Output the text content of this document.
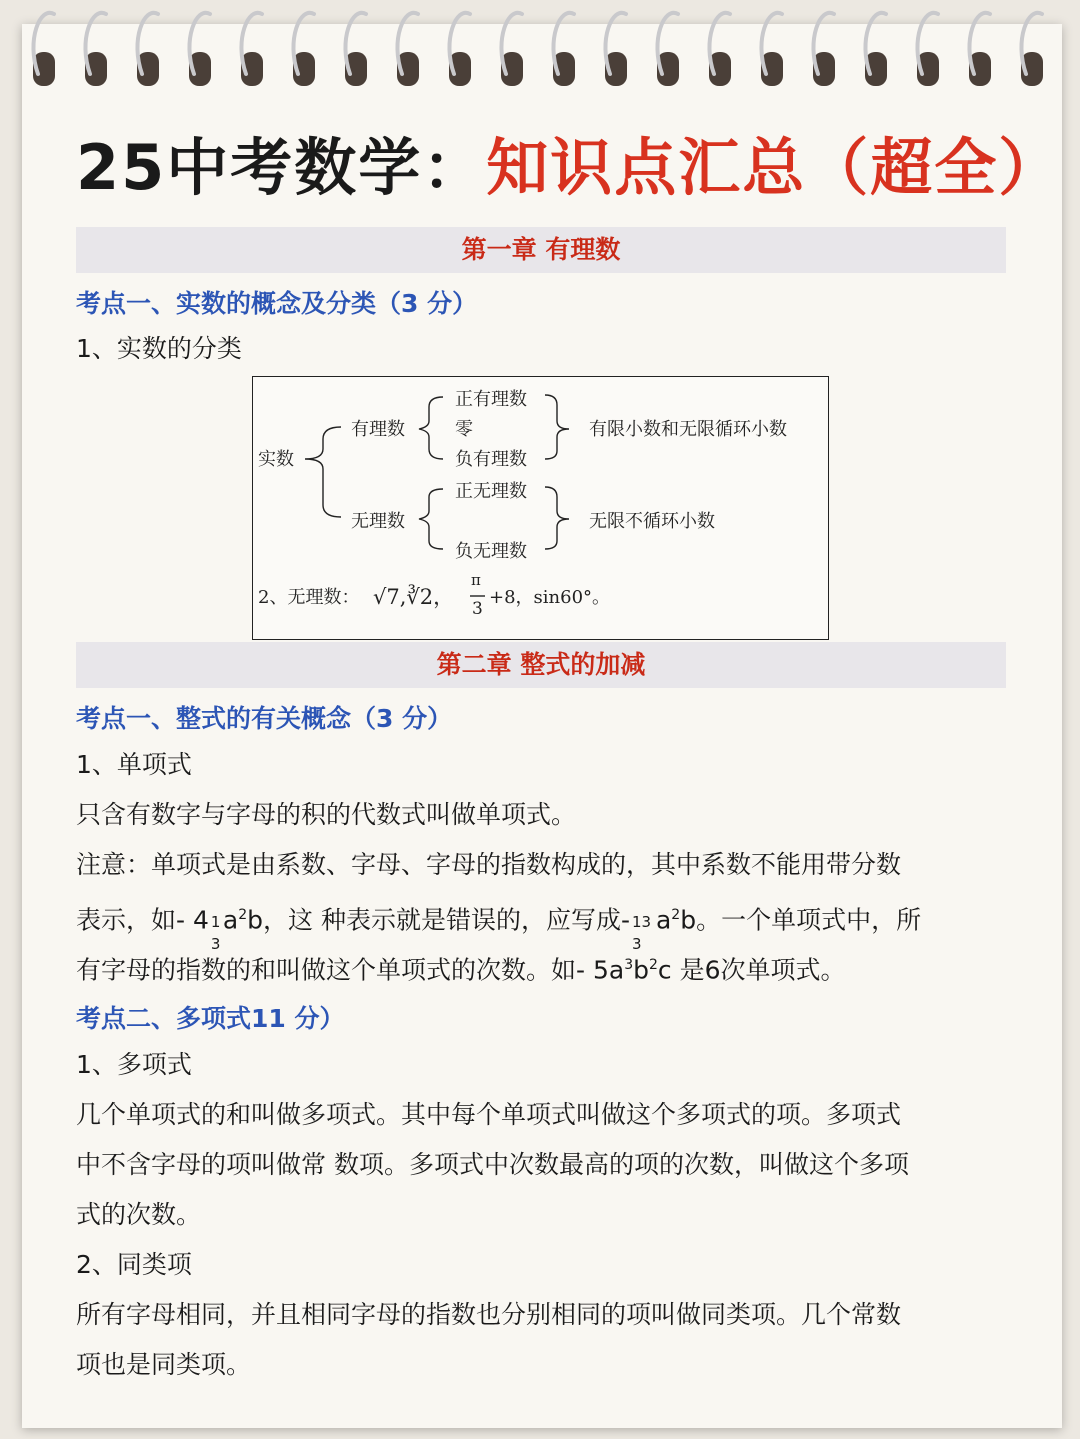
25中考数学：知识点汇总（超全）
第一章 有理数
考点一、实数的概念及分类（3 分）
1、实数的分类
实数
有理数
无理数
正有理数
零
负有理数
正无理数
负无理数
有限小数和无限循环小数
无限不循环小数
2、无理数： √7,∛2，
π
3
+8，sin60°。
第二章 整式的加减
考点一、整式的有关概念（3 分）
1、单项式
只含有数字与字母的积的代数式叫做单项式。
注意：单项式是由系数、字母、字母的指数构成的，其中系数不能用带分数
表示，如- 4 1
3
$a^2b$，这 种表示就是错误的，应写成- 13
3
$a^2b$。一个单项式中，所
有字母的指数的和叫做这个单项式的次数。如- $5a^3b^2c$ 是6次单项式。
考点二、多项式11 分）
1、多项式
几个单项式的和叫做多项式。其中每个单项式叫做这个多项式的项。多项式
中不含字母的项叫做常 数项。多项式中次数最高的项的次数，叫做这个多项
式的次数。
2、同类项
所有字母相同，并且相同字母的指数也分别相同的项叫做同类项。几个常数
项也是同类项。
